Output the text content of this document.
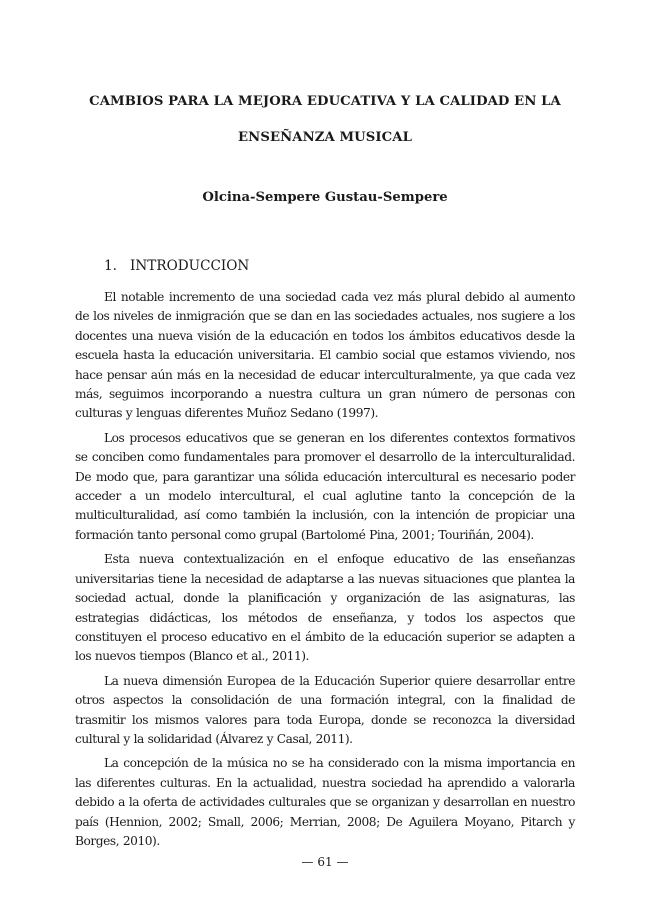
CAMBIOS PARA LA MEJORA EDUCATIVA Y LA CALIDAD EN LA
ENSEÑANZA MUSICAL
Olcina-Sempere Gustau-Sempere
1. INTRODUCCION

El notable incremento de una sociedad cada vez más plural debido al aumento de los niveles de inmigración que se dan en las sociedades actuales, nos sugiere a los docentes una nueva visión de la educación en todos los ámbitos educativos desde la escuela hasta la educación universitaria. El cambio social que estamos viviendo, nos hace pensar aún más en la necesidad de educar interculturalmente, ya que cada vez más, seguimos incorporando a nuestra cultura un gran número de personas con culturas y lenguas diferentes Muñoz Sedano (1997).

Los procesos educativos que se generan en los diferentes contextos formativos se conciben como fundamentales para promover el desarrollo de la interculturalidad. De modo que, para garantizar una sólida educación intercultural es necesario poder acceder a un modelo intercultural, el cual aglutine tanto la concepción de la multiculturalidad, así como también la inclusión, con la intención de propiciar una formación tanto personal como grupal (Bartolomé Pina, 2001; Touriñán, 2004).

Esta nueva contextualización en el enfoque educativo de las enseñanzas universitarias tiene la necesidad de adaptarse a las nuevas situaciones que plantea la sociedad actual, donde la planificación y organización de las asignaturas, las estrategias didácticas, los métodos de enseñanza, y todos los aspectos que constituyen el proceso educativo en el ámbito de la educación superior se adapten a los nuevos tiempos (Blanco et al., 2011).

La nueva dimensión Europea de la Educación Superior quiere desarrollar entre otros aspectos la consolidación de una formación integral, con la finalidad de trasmitir los mismos valores para toda Europa, donde se reconozca la diversidad cultural y la solidaridad (Álvarez y Casal, 2011).

La concepción de la música no se ha considerado con la misma importancia en las diferentes culturas. En la actualidad, nuestra sociedad ha aprendido a valorarla debido a la oferta de actividades culturales que se organizan y desarrollan en nuestro país (Hennion, 2002; Small, 2006; Merrian, 2008; De Aguilera Moyano, Pitarch y Borges, 2010).

— 61 —
